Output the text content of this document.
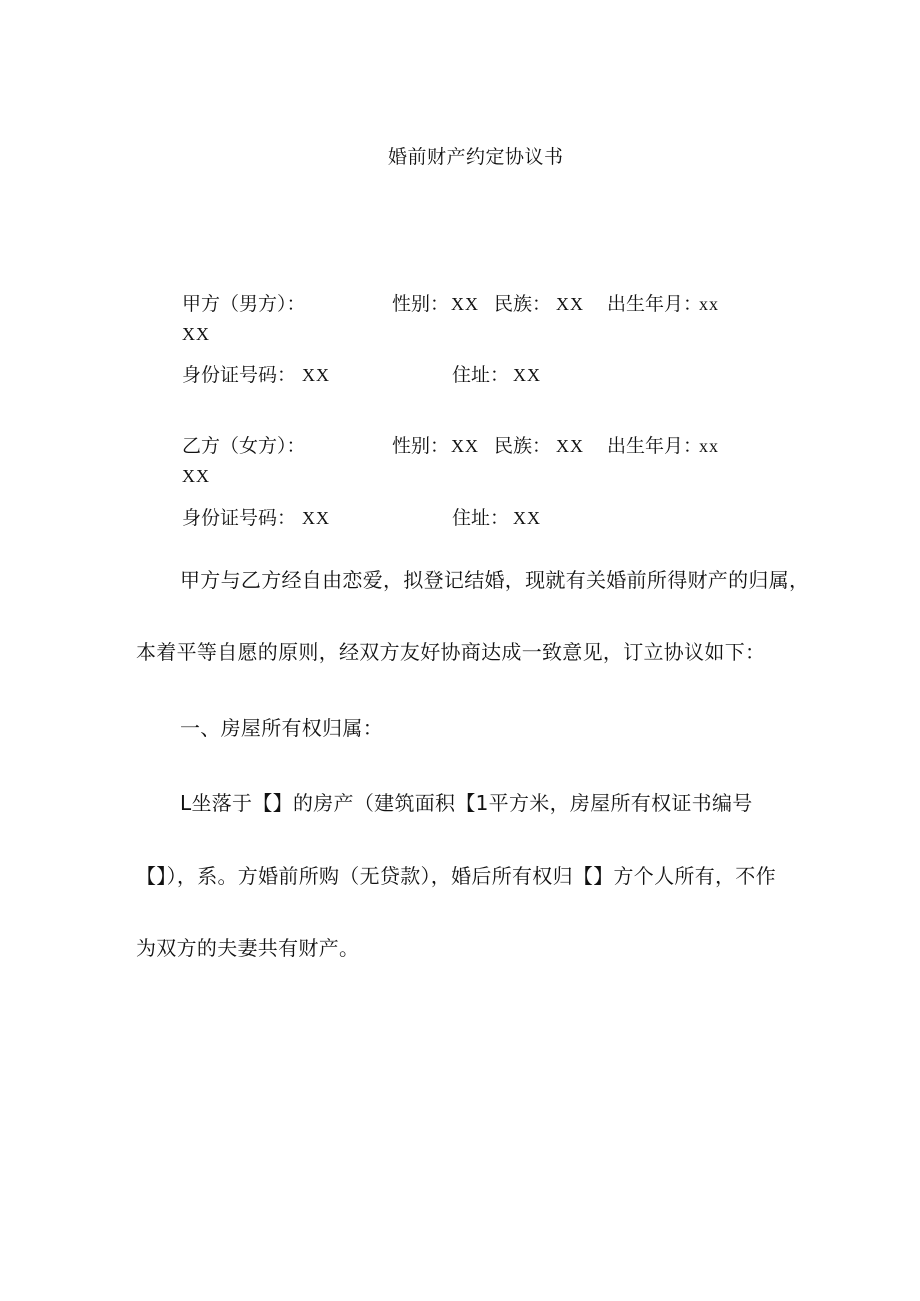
婚前财产约定协议书
甲方（男方）：	性别： XX 民族： XX 出生年月：
xx
XX
身份证号码： XX	住址： XX
乙方（女方）：	性别： XX 民族： XX 出生年月：
xx
XX
身份证号码： XX	住址： XX
甲方与乙方经自由恋爱，拟登记结婚，现就有关婚前所得财产的归属，
本着平等自愿的原则，经双方友好协商达成一致意见，订立协议如下：
一、房屋所有权归属：
L坐落于【】的房产（建筑面积【1平方米，房屋所有权证书编号
【】），系。方婚前所购（无贷款），婚后所有权归【】方个人所有，不作
为双方的夫妻共有财产。
